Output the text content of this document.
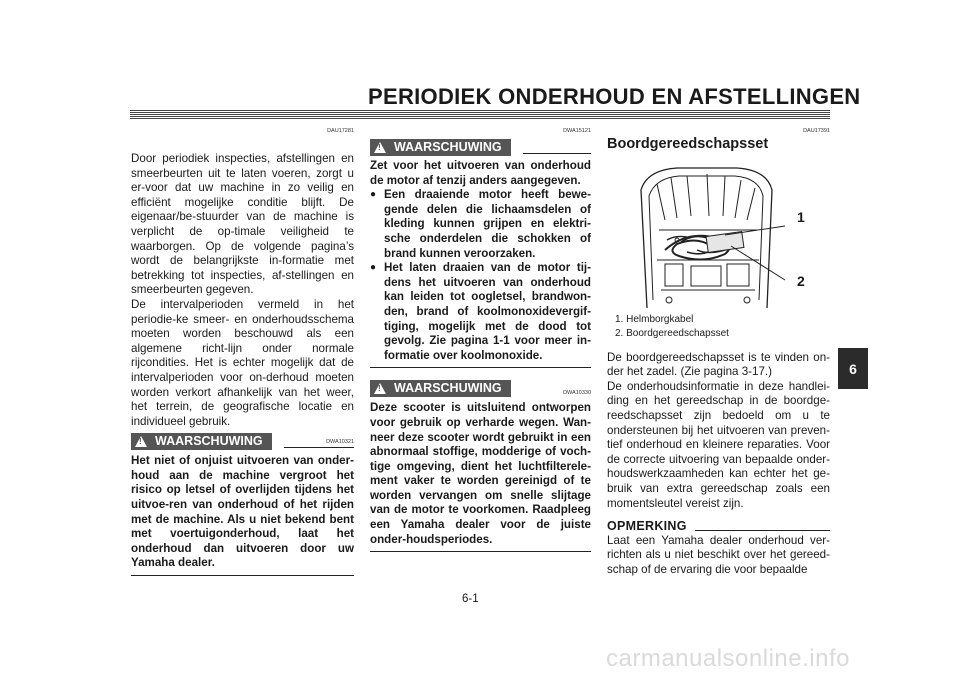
PERIODIEK ONDERHOUD EN AFSTELLINGEN
DAU17281

Door periodiek inspecties, afstellingen en smeerbeurten uit te laten voeren, zorgt u er-voor dat uw machine in zo veilig en efficiënt mogelijke conditie blijft. De eigenaar/be-stuurder van de machine is verplicht de op-timale veiligheid te waarborgen. Op de volgende pagina’s wordt de belangrijkste in-formatie met betrekking tot inspecties, af-stellingen en smeerbeurten gegeven.

De intervalperioden vermeld in het periodie-ke smeer- en onderhoudsschema moeten worden beschouwd als een algemene richt-lijn onder normale rijcondities. Het is echter mogelijk dat de intervalperioden voor on-derhoud moeten worden verkort afhankelijk van het weer, het terrein, de geografische locatie en individueel gebruik.

! WAARSCHUWING	DWA10321

Het niet of onjuist uitvoeren van onder-houd aan de machine vergroot het risico op letsel of overlijden tijdens het uitvoe-ren van onderhoud of het rijden met de machine. Als u niet bekend bent met voertuigonderhoud, laat het onderhoud dan uitvoeren door uw Yamaha dealer.

DWA15121
! WAARSCHUWING

Zet voor het uitvoeren van onderhoud de motor af tenzij anders aangegeven.

● Een draaiende motor heeft bewe-gende delen die lichaamsdelen of kleding kunnen grijpen en elektri-sche onderdelen die schokken of brand kunnen veroorzaken.
● Het laten draaien van de motor tij-dens het uitvoeren van onderhoud kan leiden tot oogletsel, brandwon-den, brand of koolmonoxidevergif-tiging, mogelijk met de dood tot gevolg. Zie pagina 1-1 voor meer in-formatie over koolmonoxide.
! WAARSCHUWING	DWA10330

Deze scooter is uitsluitend ontworpen voor gebruik op verharde wegen. Wan-neer deze scooter wordt gebruikt in een abnormaal stoffige, modderige of voch-tige omgeving, dient het luchtfilterele-ment vaker te worden gereinigd of te worden vervangen om snelle slijtage van de motor te voorkomen. Raadpleeg een Yamaha dealer voor de juiste onder-houdsperiodes.

DAU17391
Boordgereedschapsset
1
2
1. Helmborgkabel
2. Boordgereedschapsset

De boordgereedschapsset is te vinden on-der het zadel. (Zie pagina 3-17.)

De onderhoudsinformatie in deze handlei-ding en het gereedschap in de boordge-reedschapsset zijn bedoeld om u te ondersteunen bij het uitvoeren van preven-tief onderhoud en kleinere reparaties. Voor de correcte uitvoering van bepaalde onder-houdswerkzaamheden kan echter het ge-bruik van extra gereedschap zoals een momentsleutel vereist zijn.

OPMERKING

Laat een Yamaha dealer onderhoud ver-richten als u niet beschikt over het gereed-schap of de ervaring die voor bepaalde

6
6-1
carmanualsonline.info
